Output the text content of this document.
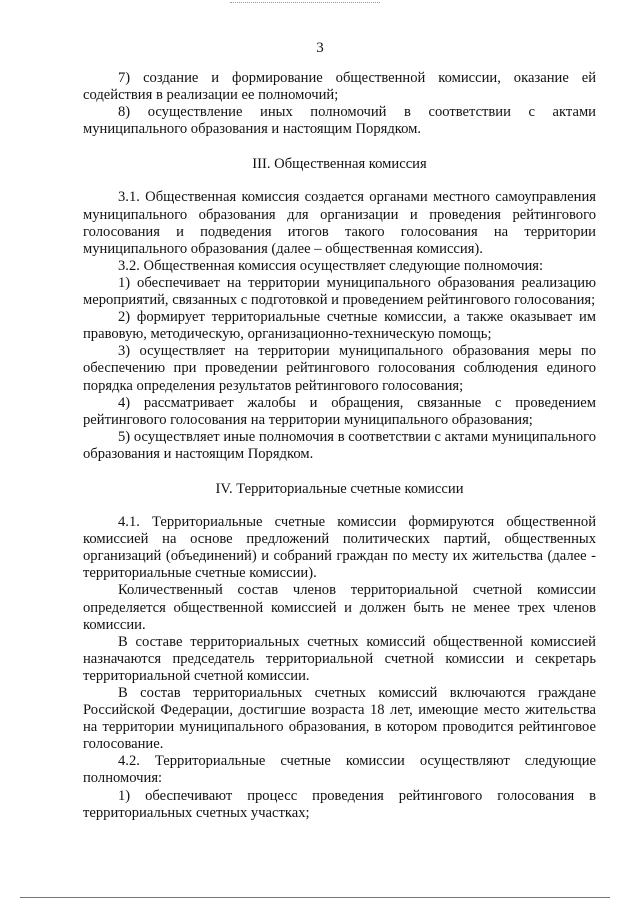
3

7) создание и формирование общественной комиссии, оказание ей содействия в реализации ее полномочий;

8) осуществление иных полномочий в соответствии с актами муниципального образования и настоящим Порядком.

III. Общественная комиссия

3.1. Общественная комиссия создается органами местного самоуправления муниципального образования для организации и проведения рейтингового голосования и подведения итогов такого голосования на территории муниципального образования (далее – общественная комиссия).

3.2. Общественная комиссия осуществляет следующие полномочия:

1) обеспечивает на территории муниципального образования реализацию мероприятий, связанных с подготовкой и проведением рейтингового голосования;

2) формирует территориальные счетные комиссии, а также оказывает им правовую, методическую, организационно-техническую помощь;

3) осуществляет на территории муниципального образования меры по обеспечению при проведении рейтингового голосования соблюдения единого порядка определения результатов рейтингового голосования;

4) рассматривает жалобы и обращения, связанные с проведением рейтингового голосования на территории муниципального образования;

5) осуществляет иные полномочия в соответствии с актами муниципального образования и настоящим Порядком.

IV. Территориальные счетные комиссии

4.1. Территориальные счетные комиссии формируются общественной комиссией на основе предложений политических партий, общественных организаций (объединений) и собраний граждан по месту их жительства (далее - территориальные счетные комиссии).

Количественный состав членов территориальной счетной комиссии определяется общественной комиссией и должен быть не менее трех членов комиссии.

В составе территориальных счетных комиссий общественной комиссией назначаются председатель территориальной счетной комиссии и секретарь территориальной счетной комиссии.

В состав территориальных счетных комиссий включаются граждане Российской Федерации, достигшие возраста 18 лет, имеющие место жительства на территории муниципального образования, в котором проводится рейтинговое голосование.

4.2. Территориальные счетные комиссии осуществляют следующие полномочия:

1) обеспечивают процесс проведения рейтингового голосования в территориальных счетных участках;
